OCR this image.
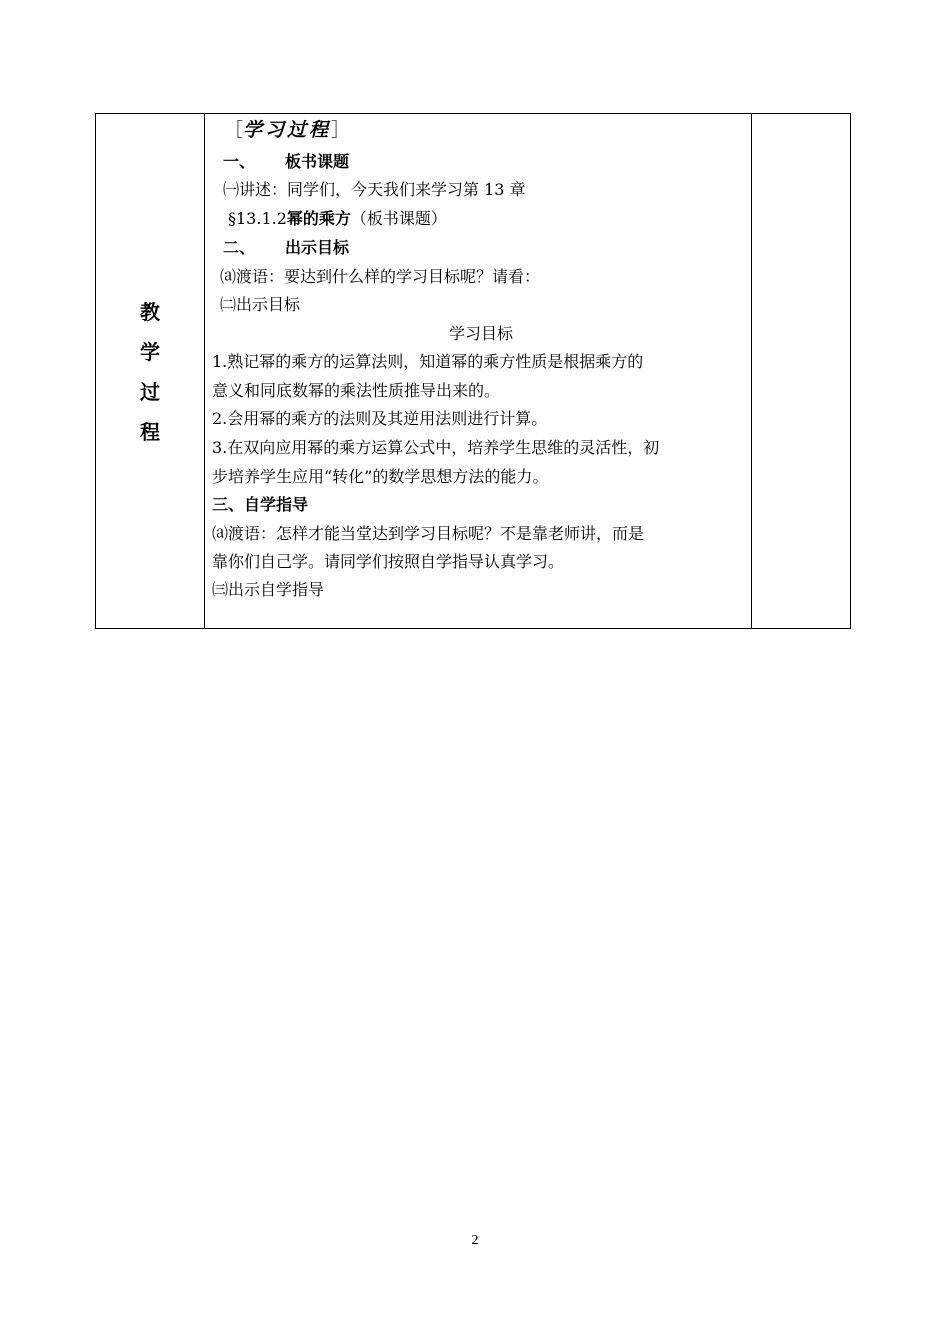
教
学
过
程
［学习过程］
一、 板书课题
㈠讲述：同学们，今天我们来学习第 13 章
§13.1.2幂的乘方（板书课题）
二、 出示目标
⒜渡语：要达到什么样的学习目标呢？请看：
㈡出示目标
学习目标
1.熟记幂的乘方的运算法则，知道幂的乘方性质是根据乘方的
意义和同底数幂的乘法性质推导出来的。
2.会用幂的乘方的法则及其逆用法则进行计算。
3.在双向应用幂的乘方运算公式中，培养学生思维的灵活性，初
步培养学生应用“转化”的数学思想方法的能力。
三、自学指导
⒜渡语：怎样才能当堂达到学习目标呢？不是靠老师讲，而是
靠你们自己学。请同学们按照自学指导认真学习。
㈢出示自学指导
2
